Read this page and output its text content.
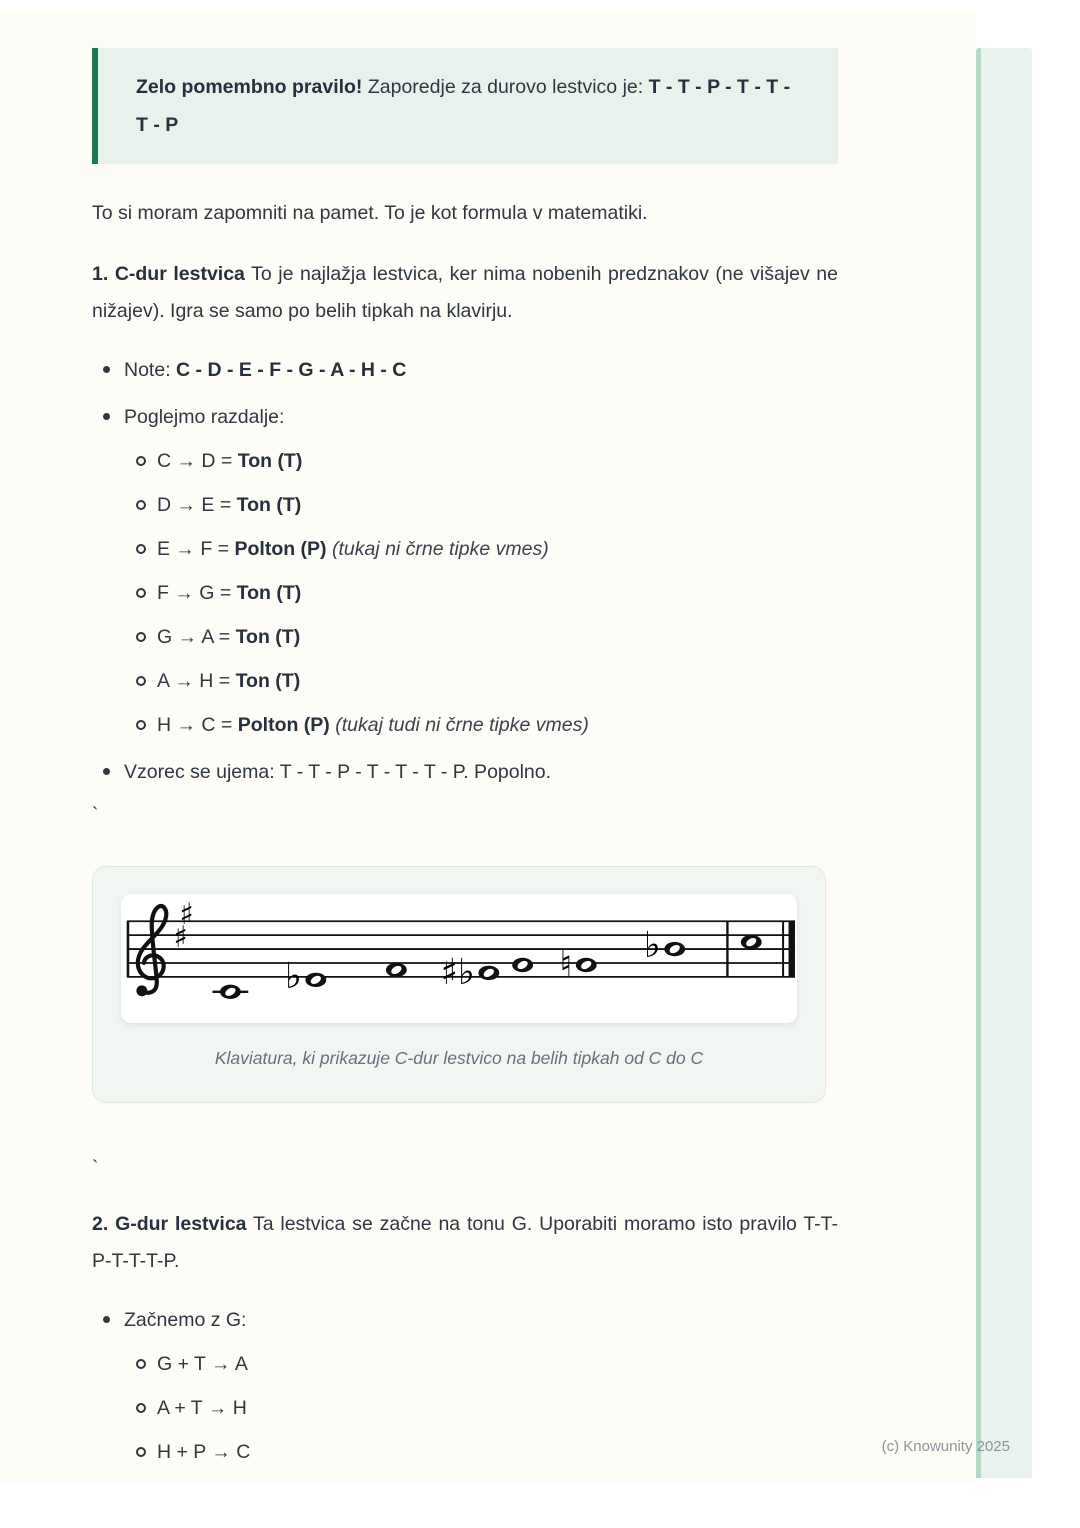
Zelo pomembno pravilo! Zaporedje za durovo lestvico je: T - T - P - T - T - T - P

To si moram zapomniti na pamet. To je kot formula v matematiki.

1. C-dur lestvica To je najlažja lestvica, ker nima nobenih predznakov (ne višajev ne nižajev). Igra se samo po belih tipkah na klavirju.

Note: C - D - E - F - G - A - H - C
Poglejmo razdalje:
C → D = Ton (T)
D → E = Ton (T)
E → F = Polton (P) (tukaj ni črne tipke vmes)
F → G = Ton (T)
G → A = Ton (T)
A → H = Ton (T)
H → C = Polton (P) (tukaj tudi ni črne tipke vmes)
Vzorec se ujema: T - T - P - T - T - T - P. Popolno.

`

♯
♯
♭	♯♭ ♮ ♭
Klaviatura, ki prikazuje C-dur lestvico na belih tipkah od C do C

`

2. G-dur lestvica Ta lestvica se začne na tonu G. Uporabiti moramo isto pravilo T-T-P-T-T-T-P.

Začnemo z G:
G + T → A
A + T → H
H + P → C	(c) Knowunity 2025
